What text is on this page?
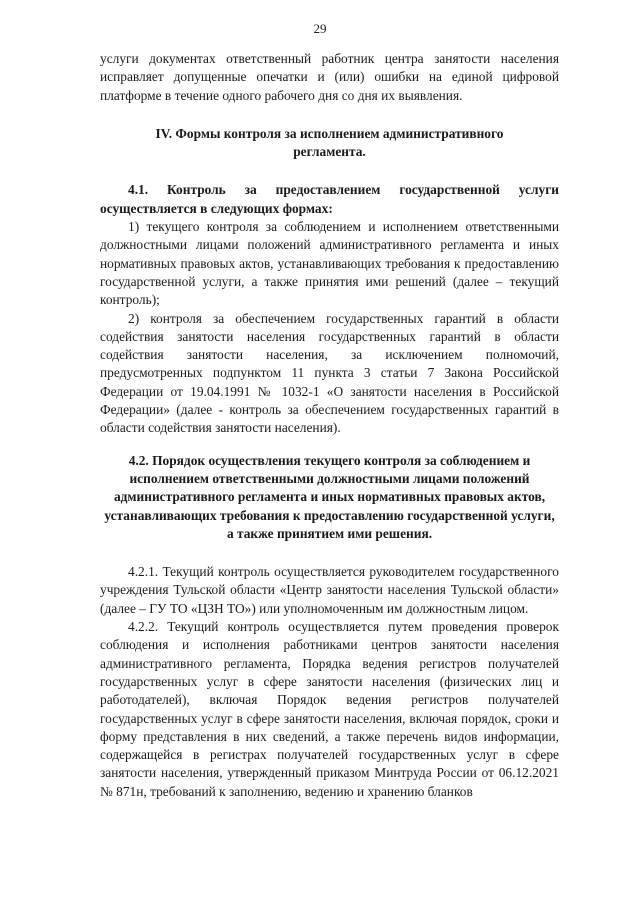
29

услуги документах ответственный работник центра занятости населения исправляет допущенные опечатки и (или) ошибки на единой цифровой платформе в течение одного рабочего дня со дня их выявления.

IV. Формы контроля за исполнением административного регламента.

4.1. Контроль за предоставлением государственной услуги осуществляется в следующих формах:

1) текущего контроля за соблюдением и исполнением ответственными должностными лицами положений административного регламента и иных нормативных правовых актов, устанавливающих требования к предоставлению государственной услуги, а также принятия ими решений (далее – текущий контроль);

2) контроля за обеспечением государственных гарантий в области содействия занятости населения государственных гарантий в области содействия занятости населения, за исключением полномочий, предусмотренных подпунктом 11 пункта 3 статьи 7 Закона Российской Федерации от 19.04.1991 № 1032-1 «О занятости населения в Российской Федерации» (далее - контроль за обеспечением государственных гарантий в области содействия занятости населения).

4.2. Порядок осуществления текущего контроля за соблюдением и исполнением ответственными должностными лицами положений административного регламента и иных нормативных правовых актов, устанавливающих требования к предоставлению государственной услуги, а также принятием ими решения.

4.2.1. Текущий контроль осуществляется руководителем государственного учреждения Тульской области «Центр занятости населения Тульской области» (далее – ГУ ТО «ЦЗН ТО») или уполномоченным им должностным лицом.

4.2.2. Текущий контроль осуществляется путем проведения проверок соблюдения и исполнения работниками центров занятости населения административного регламента, Порядка ведения регистров получателей государственных услуг в сфере занятости населения (физических лиц и работодателей), включая Порядок ведения регистров получателей государственных услуг в сфере занятости населения, включая порядок, сроки и форму представления в них сведений, а также перечень видов информации, содержащейся в регистрах получателей государственных услуг в сфере занятости населения, утвержденный приказом Минтруда России от 06.12.2021 № 871н, требований к заполнению, ведению и хранению бланков
